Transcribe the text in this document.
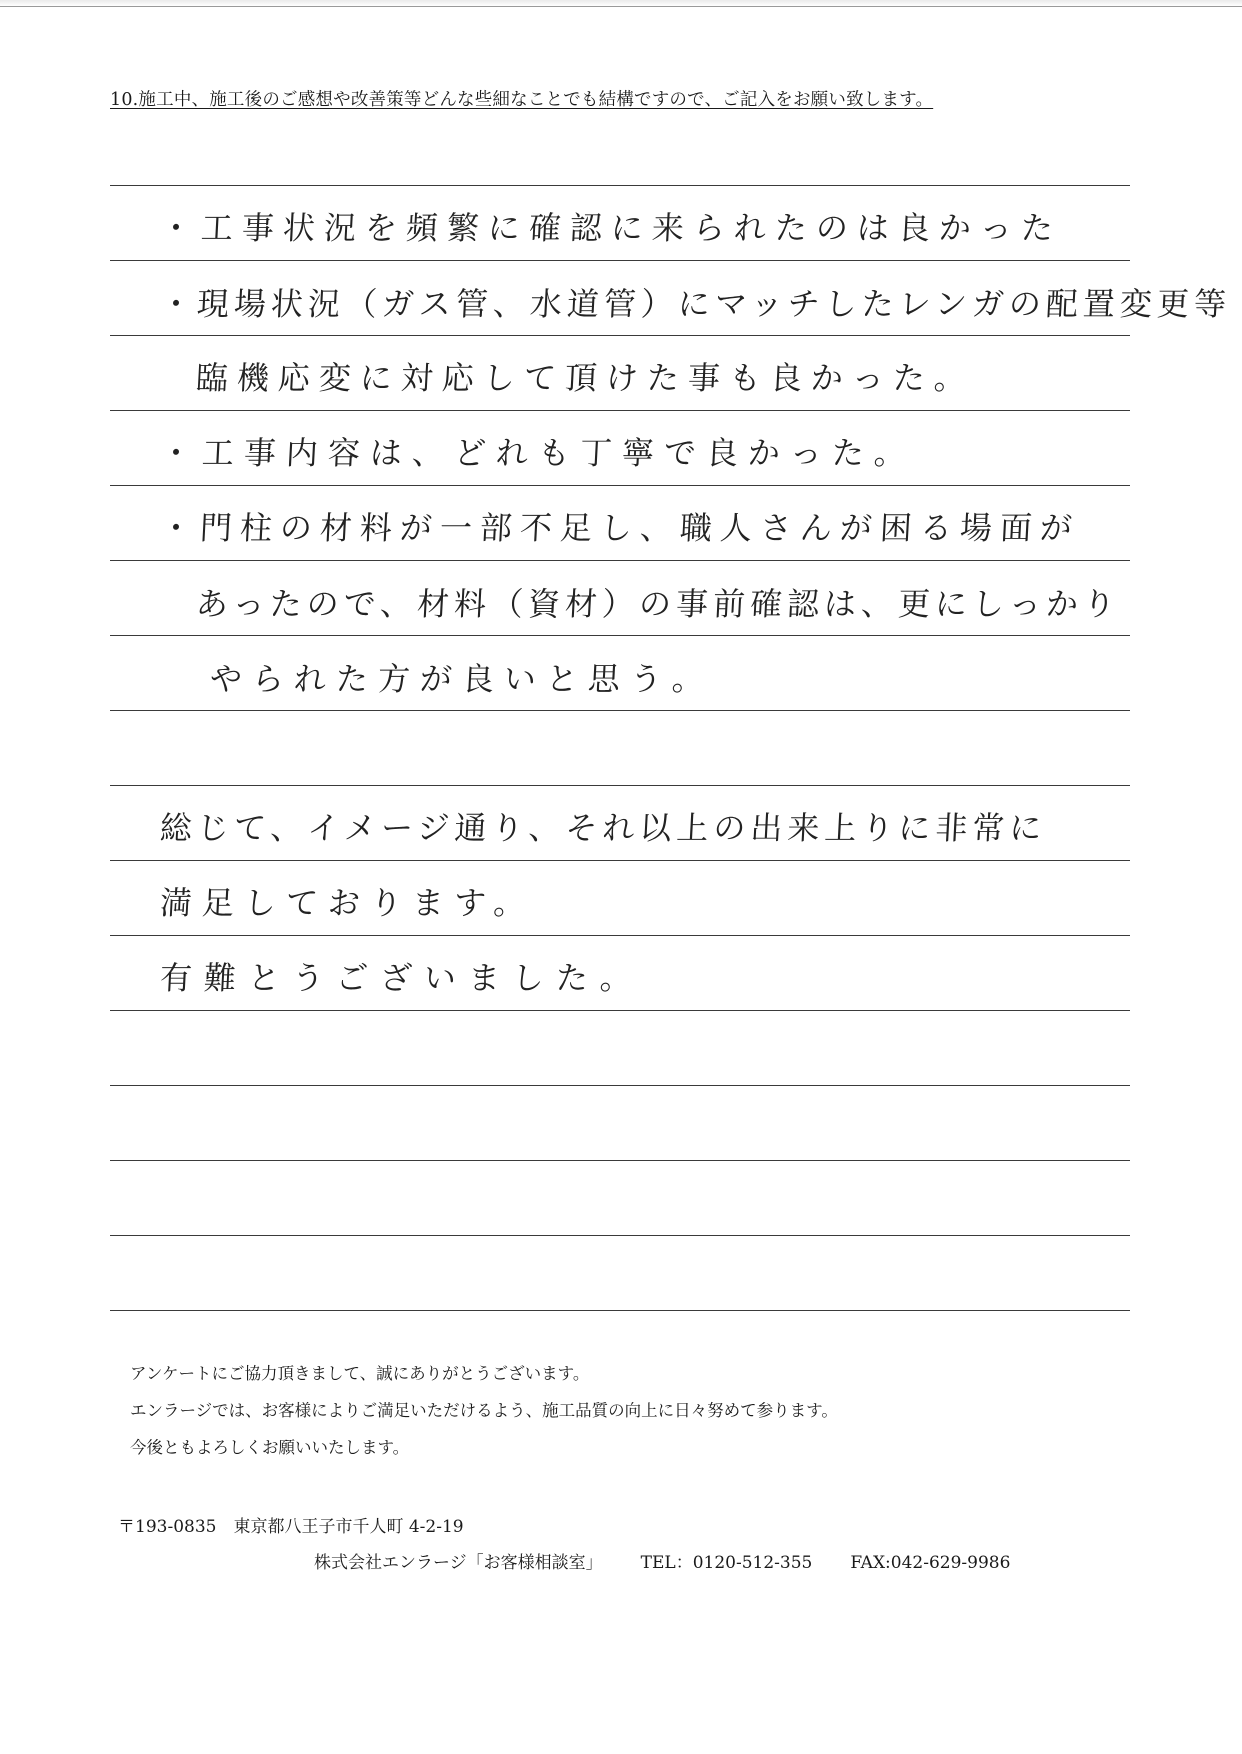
10.施工中、施工後のご感想や改善策等どんな些細なことでも結構ですので、ご記入をお願い致します。
・工事状況を頻繁に確認に来られたのは良かった
・現場状況（ガス管、水道管）にマッチしたレンガの配置変更等
臨機応変に対応して頂けた事も良かった。
・工事内容は、どれも丁寧で良かった。
・門柱の材料が一部不足し、職人さんが困る場面が
あったので、材料（資材）の事前確認は、更にしっかり
やられた方が良いと思う。
総じて、イメージ通り、それ以上の出来上りに非常に
満足しております。
有難とうございました。
アンケートにご協力頂きまして、誠にありがとうございます。
エンラージでは、お客様によりご満足いただけるよう、施工品質の向上に日々努めて参ります。
今後ともよろしくお願いいたします。
〒193-0835　東京都八王子市千人町 4-2-19
株式会社エンラージ「お客様相談室」 TEL：0120-512-355 FAX:042-629-9986
